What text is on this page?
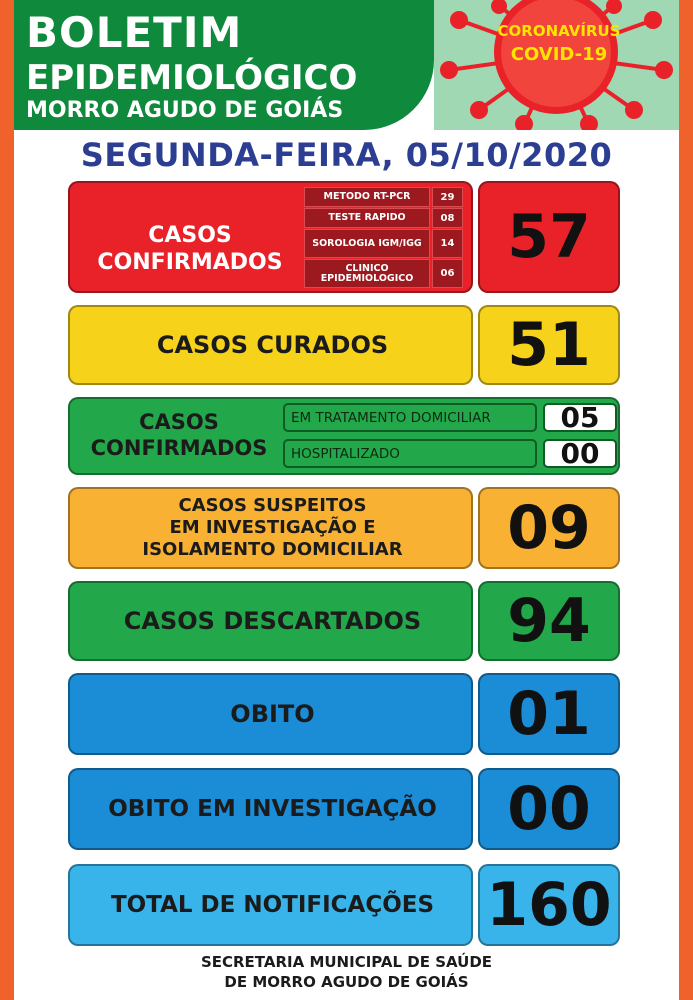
BOLETIM
EPIDEMIOLÓGICO
MORRO AGUDO DE GOIÁS
CORONAVÍRUS
COVID-19
SEGUNDA-FEIRA, 05/10/2020
CASOS
CONFIRMADOS
METODO RT-PCR	29
TESTE RAPIDO	08
SOROLOGIA IGM/IGG	14
CLINICO EPIDEMIOLOGICO	06
57
CASOS CURADOS	51
CASOS
CONFIRMADOS
EM TRATAMENTO DOMICILIAR	05
HOSPITALIZADO	00
CASOS SUSPEITOS
EM INVESTIGAÇÃO E
ISOLAMENTO DOMICILIAR	09
CASOS DESCARTADOS	94
OBITO	01
OBITO EM INVESTIGAÇÃO	00
TOTAL DE NOTIFICAÇÕES 160
SECRETARIA MUNICIPAL DE SAÚDE
DE MORRO AGUDO DE GOIÁS
